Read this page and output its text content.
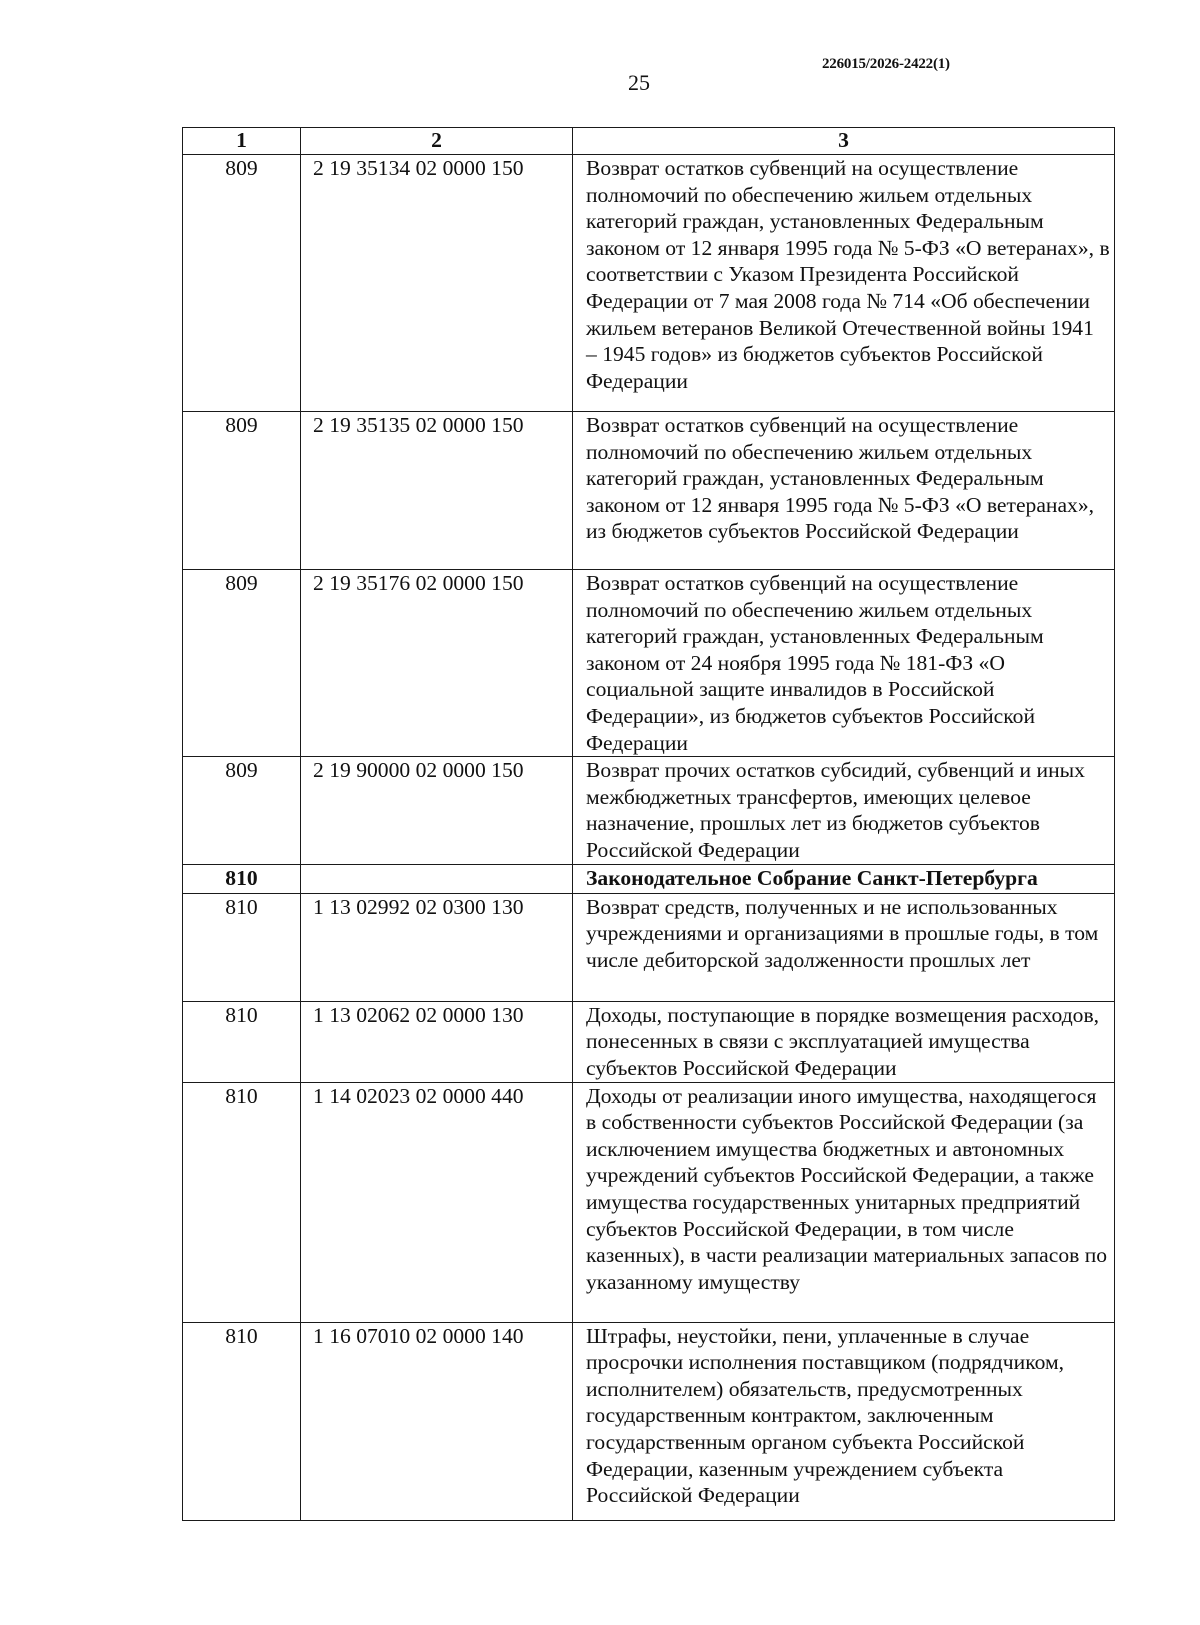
226015/2026-2422(1)
25
1	2	3
809	2 19 35134 02 0000 150	Возврат остатков субвенций на осуществление полномочий по обеспечению жильем отдельных категорий граждан, установленных Федеральным законом от 12 января 1995 года № 5-ФЗ «О ветеранах», в соответствии с Указом Президента Российской Федерации от 7 мая 2008 года № 714 «Об обеспечении жильем ветеранов Великой Отечественной войны 1941 – 1945 годов» из бюджетов субъектов Российской Федерации
809	2 19 35135 02 0000 150	Возврат остатков субвенций на осуществление полномочий по обеспечению жильем отдельных категорий граждан, установленных Федеральным законом от 12 января 1995 года № 5-ФЗ «О ветеранах», из бюджетов субъектов Российской Федерации
809	2 19 35176 02 0000 150	Возврат остатков субвенций на осуществление полномочий по обеспечению жильем отдельных категорий граждан, установленных Федеральным законом от 24 ноября 1995 года № 181-ФЗ «О социальной защите инвалидов в Российской Федерации», из бюджетов субъектов Российской Федерации
809	2 19 90000 02 0000 150	Возврат прочих остатков субсидий, субвенций и иных межбюджетных трансфертов, имеющих целевое назначение, прошлых лет из бюджетов субъектов Российской Федерации
810		Законодательное Собрание Санкт-Петербурга
810	1 13 02992 02 0300 130	Возврат средств, полученных и не использованных учреждениями и организациями в прошлые годы, в том числе дебиторской задолженности прошлых лет
810	1 13 02062 02 0000 130	Доходы, поступающие в порядке возмещения расходов, понесенных в связи с эксплуатацией имущества субъектов Российской Федерации
810	1 14 02023 02 0000 440	Доходы от реализации иного имущества, находящегося в собственности субъектов Российской Федерации (за исключением имущества бюджетных и автономных учреждений субъектов Российской Федерации, а также имущества государственных унитарных предприятий субъектов Российской Федерации, в том числе казенных), в части реализации материальных запасов по указанному имуществу
810	1 16 07010 02 0000 140	Штрафы, неустойки, пени, уплаченные в случае просрочки исполнения поставщиком (подрядчиком, исполнителем) обязательств, предусмотренных государственным контрактом, заключенным государственным органом субъекта Российской Федерации, казенным учреждением субъекта Российской Федерации
